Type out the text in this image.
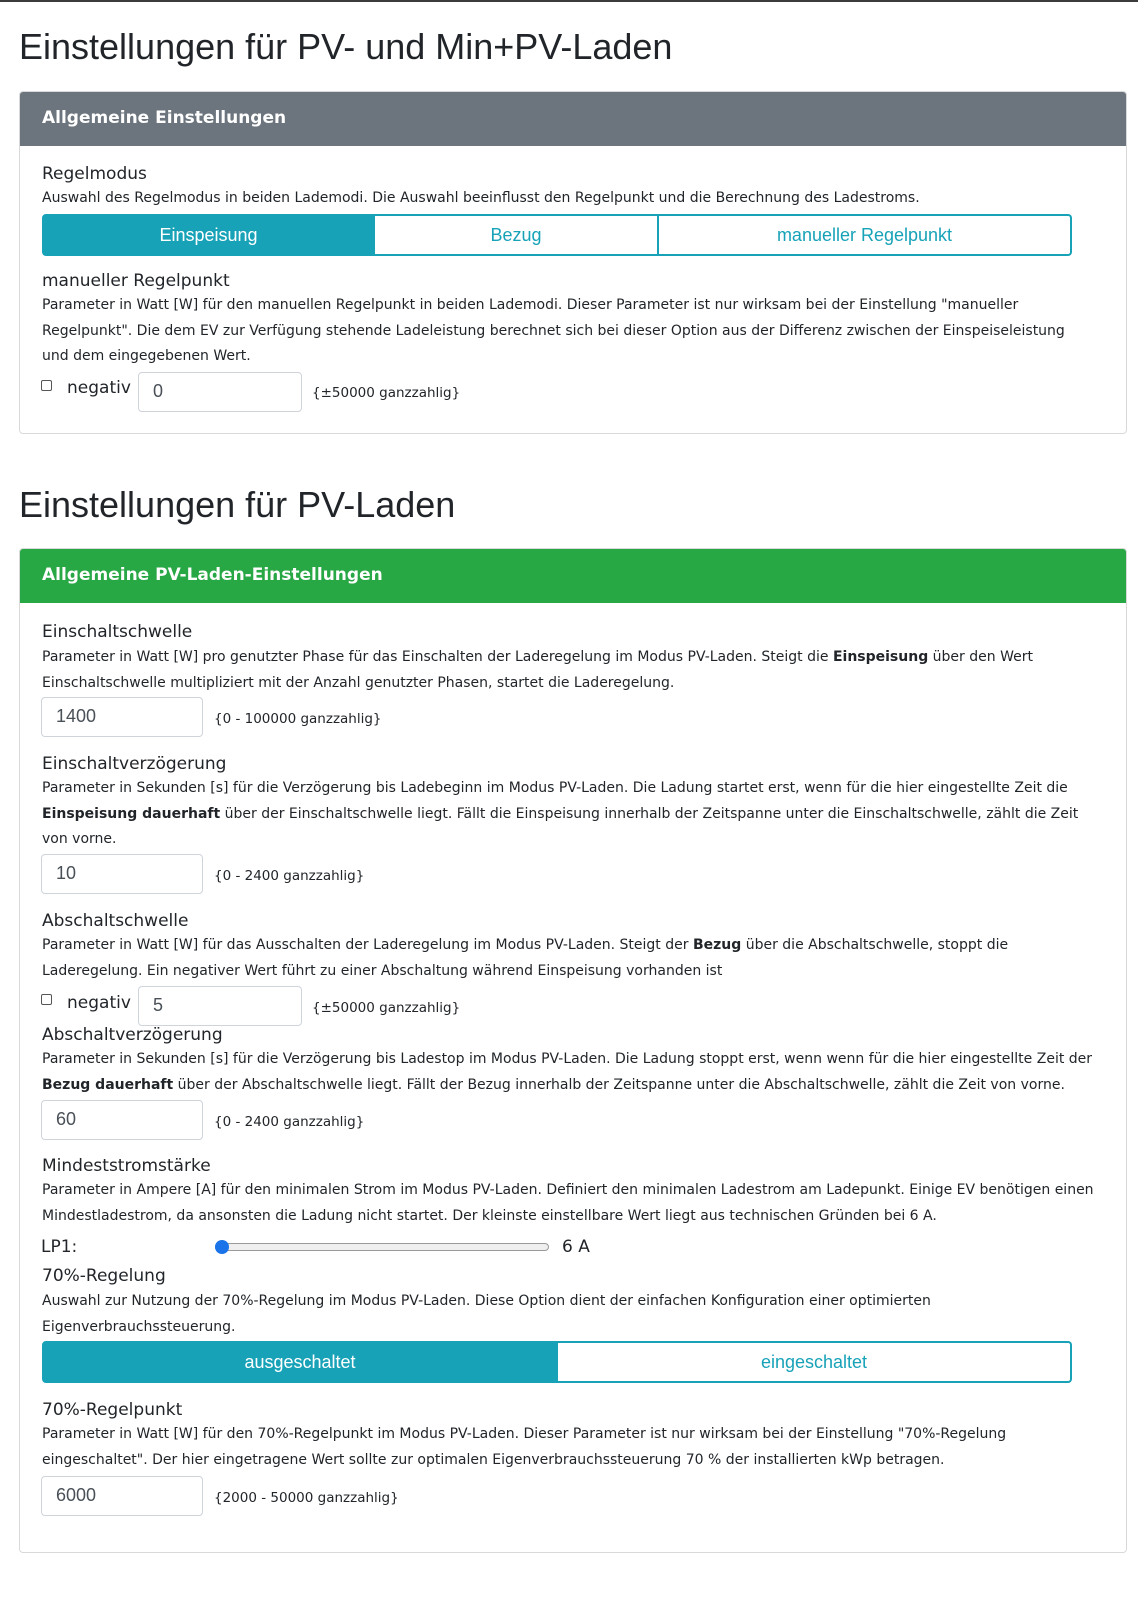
Einstellungen für PV- und Min+PV-Laden
Allgemeine Einstellungen
Regelmodus
Auswahl des Regelmodus in beiden Lademodi. Die Auswahl beeinflusst den Regelpunkt und die Berechnung des Ladestroms.
Einspeisung	Bezug	manueller Regelpunkt
manueller Regelpunkt
Parameter in Watt [W] für den manuellen Regelpunkt in beiden Lademodi. Dieser Parameter ist nur wirksam bei der Einstellung "manueller
Regelpunkt". Die dem EV zur Verfügung stehende Ladeleistung berechnet sich bei dieser Option aus der Differenz zwischen der Einspeiseleistung
und dem eingegebenen Wert.
negativ	0	{±50000 ganzzahlig}
Einstellungen für PV-Laden
Allgemeine PV-Laden-Einstellungen
Einschaltschwelle
Parameter in Watt [W] pro genutzter Phase für das Einschalten der Laderegelung im Modus PV-Laden. Steigt die Einspeisung über den Wert
Einschaltschwelle multipliziert mit der Anzahl genutzter Phasen, startet die Laderegelung.
1400	{0 - 100000 ganzzahlig}
Einschaltverzögerung
Parameter in Sekunden [s] für die Verzögerung bis Ladebeginn im Modus PV-Laden. Die Ladung startet erst, wenn für die hier eingestellte Zeit die
Einspeisung dauerhaft über der Einschaltschwelle liegt. Fällt die Einspeisung innerhalb der Zeitspanne unter die Einschaltschwelle, zählt die Zeit
von vorne.
10	{0 - 2400 ganzzahlig}
Abschaltschwelle
Parameter in Watt [W] für das Ausschalten der Laderegelung im Modus PV-Laden. Steigt der Bezug über die Abschaltschwelle, stoppt die
Laderegelung. Ein negativer Wert führt zu einer Abschaltung während Einspeisung vorhanden ist
negativ	5	{±50000 ganzzahlig}
Abschaltverzögerung
Parameter in Sekunden [s] für die Verzögerung bis Ladestop im Modus PV-Laden. Die Ladung stoppt erst, wenn wenn für die hier eingestellte Zeit der
Bezug dauerhaft über der Abschaltschwelle liegt. Fällt der Bezug innerhalb der Zeitspanne unter die Abschaltschwelle, zählt die Zeit von vorne.
60	{0 - 2400 ganzzahlig}
Mindeststromstärke
Parameter in Ampere [A] für den minimalen Strom im Modus PV-Laden. Definiert den minimalen Ladestrom am Ladepunkt. Einige EV benötigen einen
Mindestladestrom, da ansonsten die Ladung nicht startet. Der kleinste einstellbare Wert liegt aus technischen Gründen bei 6 A.
LP1:	6 A
70%-Regelung
Auswahl zur Nutzung der 70%-Regelung im Modus PV-Laden. Diese Option dient der einfachen Konfiguration einer optimierten
Eigenverbrauchssteuerung.
ausgeschaltet	eingeschaltet
70%-Regelpunkt
Parameter in Watt [W] für den 70%-Regelpunkt im Modus PV-Laden. Dieser Parameter ist nur wirksam bei der Einstellung "70%-Regelung
eingeschaltet". Der hier eingetragene Wert sollte zur optimalen Eigenverbrauchssteuerung 70 % der installierten kWp betragen.
6000	{2000 - 50000 ganzzahlig}
